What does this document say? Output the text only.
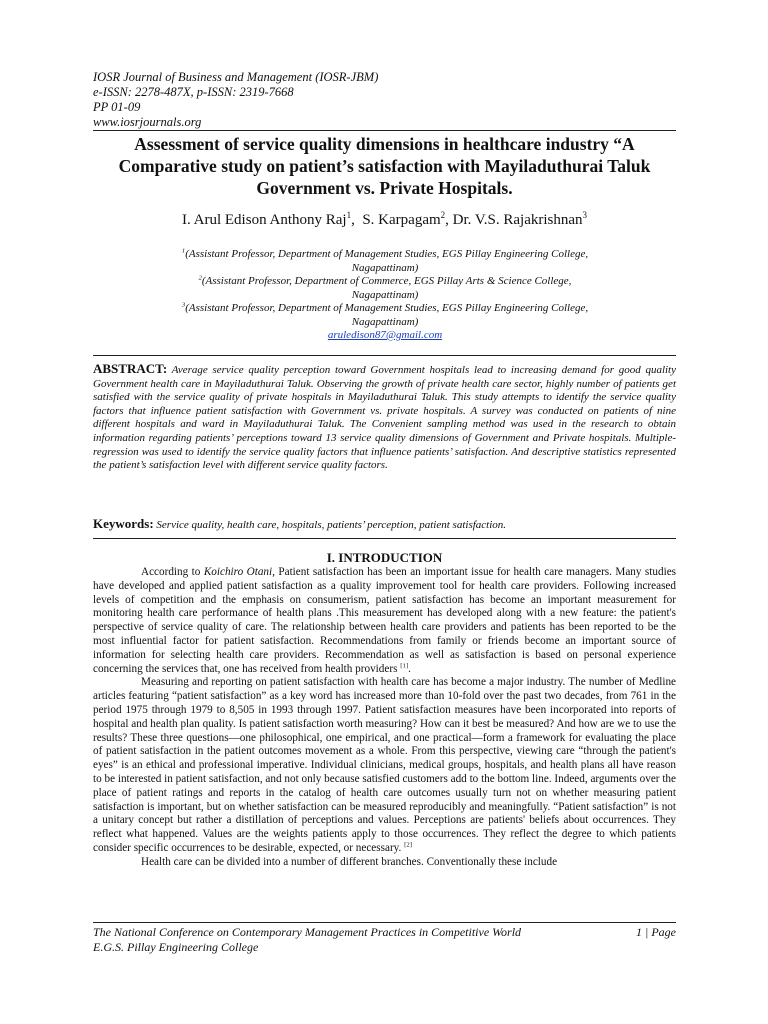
IOSR Journal of Business and Management (IOSR-JBM)
e-ISSN: 2278-487X, p-ISSN: 2319-7668
PP 01-09
www.iosrjournals.org
Assessment of service quality dimensions in healthcare industry “A Comparative study on patient’s satisfaction with Mayiladuthurai Taluk Government vs. Private Hospitals.
I. Arul Edison Anthony Raj$^1$,  S. Karpagam$^2$, Dr. V.S. Rajakrishnan$^3$
$^1$(Assistant Professor, Department of Management Studies, EGS Pillay Engineering College, Nagapattinam)
$^2$(Assistant Professor, Department of Commerce, EGS Pillay Arts & Science College, Nagapattinam)
$^3$(Assistant Professor, Department of Management Studies, EGS Pillay Engineering College, Nagapattinam)
aruledison87@gmail.com
ABSTRACT: Average service quality perception toward Government hospitals lead to increasing demand for good quality Government health care in Mayiladuthurai Taluk. Observing the growth of private health care sector, highly number of patients get satisfied with the service quality of private hospitals in Mayiladuthurai Taluk. This study attempts to identify the service quality factors that influence patient satisfaction with Government vs. private hospitals. A survey was conducted on patients of nine different hospitals and ward in Mayiladuthurai Taluk. The Convenient sampling method was used in the research to obtain information regarding patients’ perceptions toward 13 service quality dimensions of Government and Private hospitals. Multiple-regression was used to identify the service quality factors that influence patients’ satisfaction. And descriptive statistics represented the patient’s satisfaction level with different service quality factors.
Keywords: Service quality, health care, hospitals, patients’ perception, patient satisfaction.
I. INTRODUCTION

According to Koichiro Otani, Patient satisfaction has been an important issue for health care managers. Many studies have developed and applied patient satisfaction as a quality improvement tool for health care providers. Following increased levels of competition and the emphasis on consumerism, patient satisfaction has become an important measurement for monitoring health care performance of health plans .This measurement has developed along with a new feature: the patient's perspective of service quality of care. The relationship between health care providers and patients has been reported to be the most influential factor for patient satisfaction. Recommendations from family or friends become an important source of information for selecting health care providers. Recommendation as well as satisfaction is based on personal experience concerning the services that, one has received from health providers [1].

Measuring and reporting on patient satisfaction with health care has become a major industry. The number of Medline articles featuring “patient satisfaction” as a key word has increased more than 10-fold over the past two decades, from 761 in the period 1975 through 1979 to 8,505 in 1993 through 1997. Patient satisfaction measures have been incorporated into reports of hospital and health plan quality. Is patient satisfaction worth measuring? How can it best be measured? And how are we to use the results? These three questions—one philosophical, one empirical, and one practical—form a framework for evaluating the place of patient satisfaction in the patient outcomes movement as a whole. From this perspective, viewing care “through the patient's eyes” is an ethical and professional imperative. Individual clinicians, medical groups, hospitals, and health plans all have reason to be interested in patient satisfaction, and not only because satisfied customers add to the bottom line. Indeed, arguments over the place of patient ratings and reports in the catalog of health care outcomes usually turn not on whether measuring patient satisfaction is important, but on whether satisfaction can be measured reproducibly and meaningfully. “Patient satisfaction” is not a unitary concept but rather a distillation of perceptions and values. Perceptions are patients' beliefs about occurrences. They reflect what happened. Values are the weights patients apply to those occurrences. They reflect the degree to which patients consider specific occurrences to be desirable, expected, or necessary. [2]

Health care can be divided into a number of different branches. Conventionally these include

The National Conference on Contemporary Management Practices in Competitive World	1 | Page
E.G.S. Pillay Engineering College
